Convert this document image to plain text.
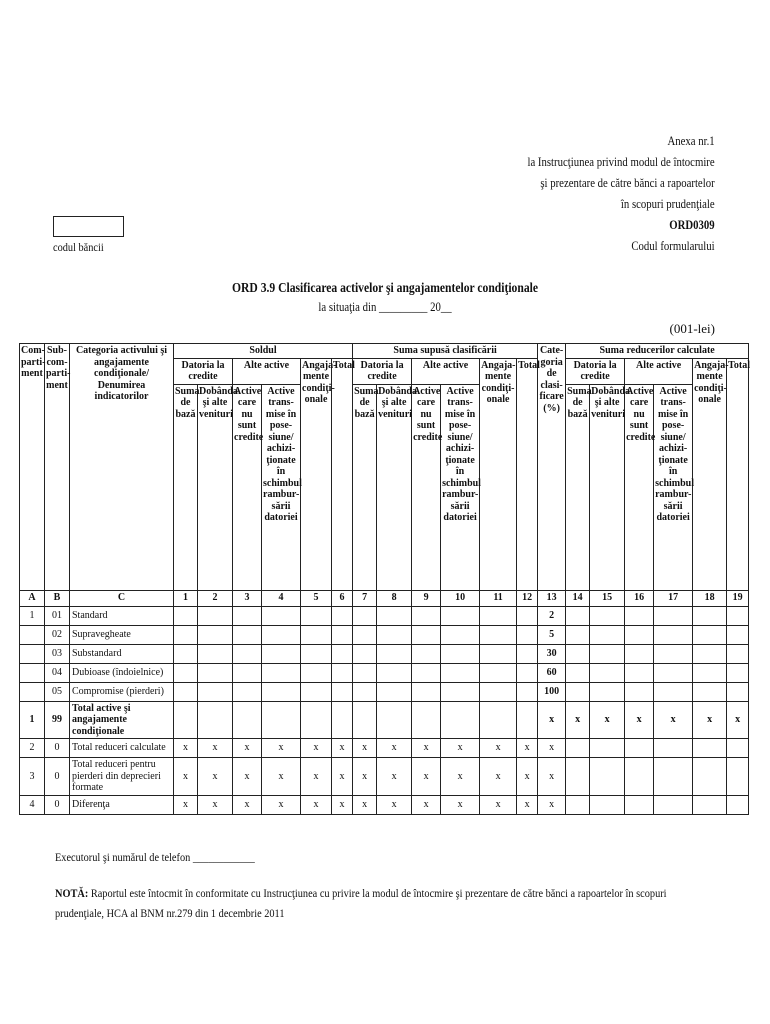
Anexa nr.1
la Instrucţiunea privind modul de întocmire
şi prezentare de către bănci a rapoartelor
în scopuri prudenţiale
ORD0309
Codul formularului
codul băncii
ORD 3.9 Clasificarea activelor şi angajamentelor condiţionale
la situaţia din _________ 20__
(001-lei)
Com-parti-ment	Sub-com-parti-ment	Categoria activului şi angajamente condiţionale/ Denumirea indicatorilor	Soldul						Suma supusă clasificării						Cate-goria de clasi-ficare (%)	Suma reducerilor calculate					
			Datoria la credite		Alte active		Angaja-mente condiţi-onale	Total	Datoria la credite		Alte active		Angaja-mente condiţi-onale	Total		Datoria la credite		Alte active		Angaja-mente condiţi-onale	Total
			Suma de bază	Dobânda şi alte venituri	Active care nu sunt credite	Active trans-mise în pose-siune/ achizi-ţionate în schimbul rambur-sării datoriei			Suma de bază	Dobânda şi alte venituri	Active care nu sunt credite	Active trans-mise în pose-siune/ achizi-ţionate în schimbul rambur-sării datoriei				Suma de bază	Dobânda şi alte venituri	Active care nu sunt credite	Active trans-mise în pose-siune/ achizi-ţionate în schimbul rambur-sării datoriei		
A	B	C	1	2	3	4	5	6	7	8	9	10	11	12	13	14	15	16	17	18	19
1	01	Standard													2						
	02	Supravegheate													5						
	03	Substandard													30						
	04	Dubioase (îndoielnice)													60						
	05	Compromise (pierderi)													100						
1	99	Total active şi angajamente condiţionale													x	x	x	x	x	x	x
2	0	Total reduceri calculate	x	x	x	x	x	x	x	x	x	x	x	x	x						
3	0	Total reduceri pentru pierderi din deprecieri formate	x	x	x	x	x	x	x	x	x	x	x	x	x						
4	0	Diferenţa	x	x	x	x	x	x	x	x	x	x	x	x	x						
Executorul şi numărul de telefon ____________
NOTĂ: Raportul este întocmit în conformitate cu Instrucţiunea cu privire la modul de întocmire şi prezentare de către bănci a rapoartelor în scopuri prudenţiale, HCA al BNM nr.279 din 1 decembrie 2011
